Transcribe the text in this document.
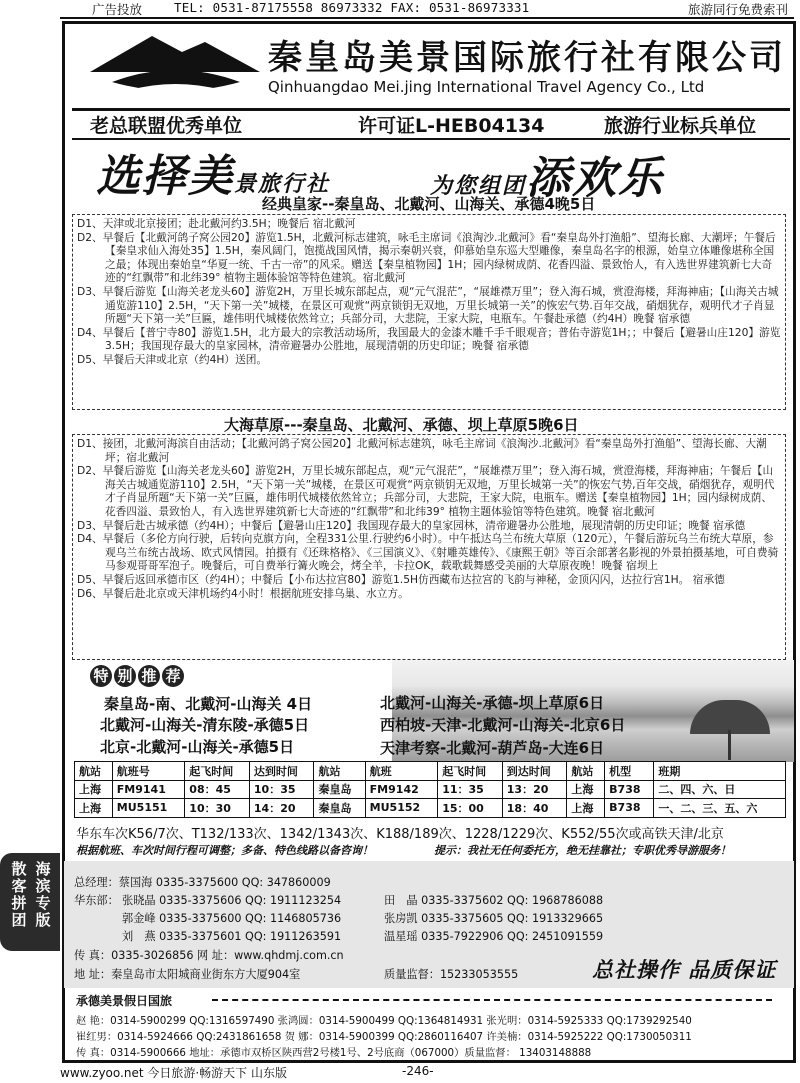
广告投放	TEL: 0531-87175558 86973332 FAX: 0531-86973331	旅游同行免费索刊
秦皇岛美景国际旅行社有限公司
Qinhuangdao Mei.jing International Travel Agency Co., Ltd
老总联盟优秀单位	许可证L-HEB04134	旅游行业标兵单位
选择美景旅行社	为您组团添欢乐
经典皇家--秦皇岛、北戴河、山海关、承德4晚5日

D1、天津或北京接团；赴北戴河约3.5H；晚餐后 宿北戴河

D2、早餐后【北戴河鸽子窝公园20】游览1.5H，北戴河标志建筑，咏毛主席词《浪淘沙.北戴河》看“秦皇岛外打渔船”、望海长廊、大潮坪；午餐后【秦皇求仙入海处35】1.5H，秦风阔门，饱揽战国风情，揭示秦朝兴衰，仰慕始皇东巡大型雕像，秦皇岛名字的根源，始皇立体雕像堪称全国之最；体现出秦始皇“华夏一统、千古一帝”的风采。赠送【秦皇植物园】1H；园内绿树成荫、花香四溢、景致怡人，有入选世界建筑新七大奇迹的“红飘带”和北纬39° 植物主题体验馆等特色建筑。宿北戴河

D3、早餐后游览【山海关老龙头60】游览2H，万里长城东部起点，观“元气混茫”，“展雄襟万里”；登入海石城，赏澄海楼，拜海神庙；【山海关古城通览游110】2.5H，“天下第一关”城楼，在景区可观赏“两京锁钥无双地，万里长城第一关”的恢宏气势.百年交战，硝烟犹存，观明代才子肖显所题“天下第一关”巨匾，雄伟明代城楼依然耸立；兵部分司，大悲院，王家大院，电瓶车。午餐赴承德（约4H）晚餐 宿承德

D4、早餐后【普宁寺80】游览1.5H，北方最大的宗教活动场所，我国最大的金漆木雕千手千眼观音；普佑寺游览1H；；中餐后【避暑山庄120】游览3.5H；我国现存最大的皇家园林，清帝避暑办公胜地，展现清朝的历史印证；晚餐 宿承德

D5、早餐后天津或北京（约4H）送团。

大海草原---秦皇岛、北戴河、承德、坝上草原5晚6日

D1、接团，北戴河海滨自由活动；【北戴河鸽子窝公园20】北戴河标志建筑，咏毛主席词《浪淘沙.北戴河》看“秦皇岛外打渔船”、望海长廊、大潮坪；宿北戴河

D2、早餐后游览【山海关老龙头60】游览2H，万里长城东部起点，观“元气混茫”，“展雄襟万里”；登入海石城，赏澄海楼，拜海神庙；午餐后【山海关古城通览游110】2.5H，“天下第一关”城楼，在景区可观赏“两京锁钥无双地，万里长城第一关”的恢宏气势,百年交战，硝烟犹存，观明代才子肖显所题“天下第一关”巨匾，雄伟明代城楼依然耸立；兵部分司，大悲院，王家大院，电瓶车。赠送【秦皇植物园】1H；园内绿树成荫、花香四溢、景致怡人，有入选世界建筑新七大奇迹的“红飘带”和北纬39° 植物主题体验馆等特色建筑。晚餐 宿北戴河

D3、早餐后赴古城承德（约4H）；中餐后【避暑山庄120】我国现存最大的皇家园林，清帝避暑办公胜地，展现清朝的历史印证；晚餐 宿承德

D4、早餐后（多伦方向行驶，后转向克旗方向，全程331公里.行驶约6小时）。中午抵达乌兰布统大草原（120元），午餐后游玩乌兰布统大草原，参观乌兰布统古战场、欧式风情园。拍摄有《还珠格格》、《三国演义》、《射雕英雄传》、《康熙王朝》等百余部著名影视的外景拍摄基地，可自费骑马参观哥哥军泡子。晚餐后，可自费举行篝火晚会，烤全羊，卡拉OK，载歌载舞感受美丽的大草原夜晚！晚餐 宿坝上

D5、早餐后返回承德市区（约4H）；中餐后【小布达拉宫80】游览1.5H仿西藏布达拉宫的飞韵与神秘，金顶闪闪，达拉行宫1H。 宿承德

D6、早餐后赴北京或天津机场约4小时！根据航班安排乌巢、水立方。

特 别 推 荐
秦皇岛-南、北戴河-山海关 4日
北戴河-山海关-清东陵-承德5日
北京-北戴河-山海关-承德5日
北戴河-山海关-承德-坝上草原6日
西柏坡-天津-北戴河-山海关-北京6日
天津考察-北戴河-葫芦岛-大连6日
航站	航班号	起飞时间	达到时间	航站	航班	起飞时间	到达时间	航站	机型	班期
上海	FM9141	08：45	10：35	秦皇岛	FM9142	11：35	13：20	上海	B738	二、四、六、日
上海	MU5151	10：30	14：20	秦皇岛	MU5152	15：00	18：40	上海	B738	一、二、三、五、六
华东车次K56/7次、T132/133次、1342/1343次、K188/189次、1228/1229次、K552/55次或高铁天津/北京
根据航班、车次时间行程可调整；多备、特色线路以备咨询！	提示：我社无任何委托方，绝无挂靠社；专职优秀导游服务！
散客拼团
海滨专版
总经理：蔡国海 0335-3375600 QQ: 347860009
华东部： 张晓晶 0335-3375606 QQ: 1911123254	田　晶 0335-3375602 QQ: 1968786088
郭金峰 0335-3375600 QQ: 1146805736	张房凯 0335-3375605 QQ: 1913329665
刘　燕 0335-3375601 QQ: 1911263591	温星瑶 0335-7922906 QQ: 2451091559
传 真：0335-3026856 网 址：www.qhdmj.com.cn
地 址：秦皇岛市太阳城商业街东方大厦904室	质量监督：15233053555	总社操作 品质保证
承德美景假日国旅
赵 艳：0314-5900299 QQ:1316597490 张鸿圆：0314-5900499 QQ:1364814931 张光明：0314-5925333 QQ:1739292540
崔红男：0314-5924666 QQ:2431861658 贺 娜：0314-5900399 QQ:2860116407 许美楠：0314-5925222 QQ:1730050311
传 真：0314-5900666 地址：承德市双桥区陕西营2号楼1号、2号底商（067000）质量监督： 13403148888
www.zyoo.net 今日旅游·畅游天下 山东版	-246-
